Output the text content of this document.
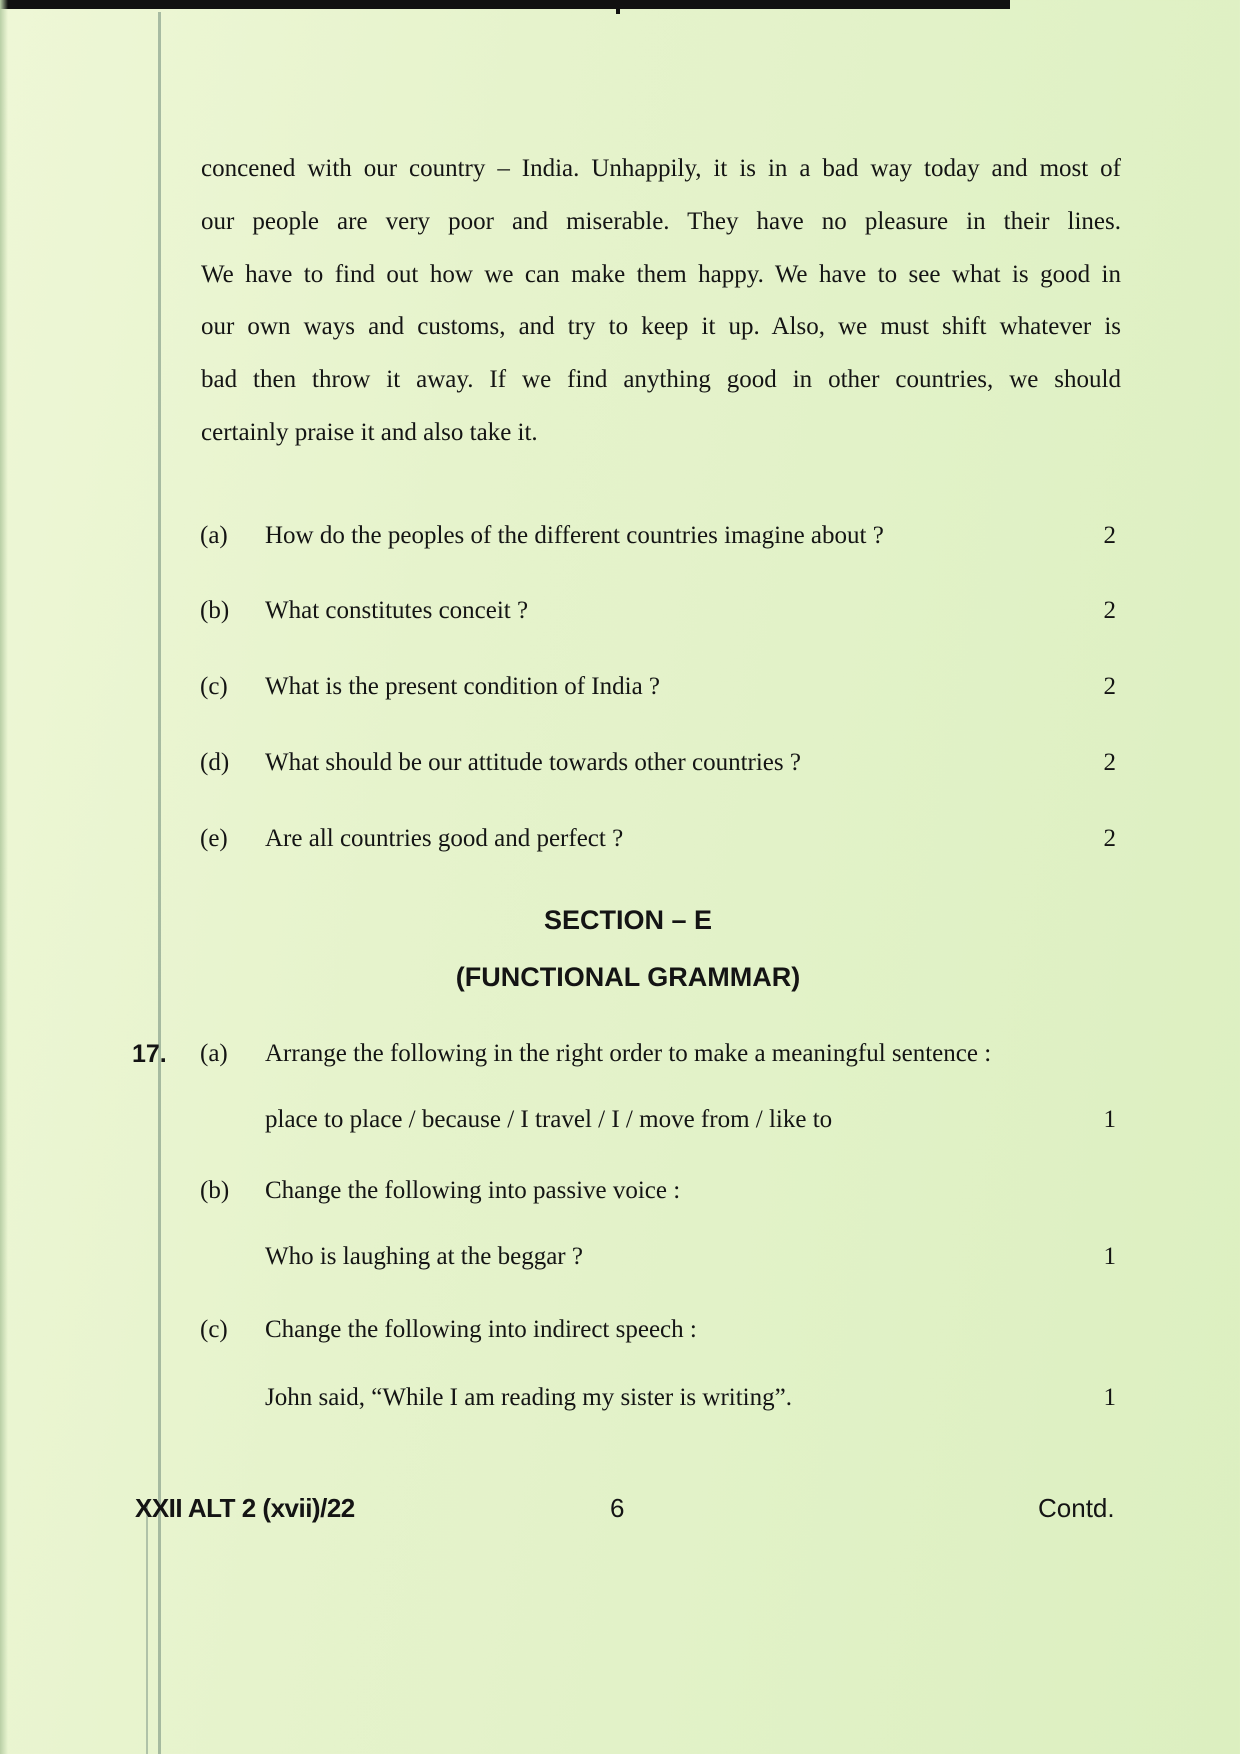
concened with our country – India. Unhappily, it is in a bad way today and most of
our people are very poor and miserable. They have no pleasure in their lines.
We have to find out how we can make them happy. We have to see what is good in
our own ways and customs, and try to keep it up. Also, we must shift whatever is
bad then throw it away. If we find anything good in other countries, we should
certainly praise it and also take it.
(a) How do the peoples of the different countries imagine about ?	2
(b) What constitutes conceit ?	2
(c) What is the present condition of India ?	2
(d) What should be our attitude towards other countries ?	2
(e) Are all countries good and perfect ?	2
SECTION – E
(FUNCTIONAL GRAMMAR)
17. (a) Arrange the following in the right order to make a meaningful sentence :
place to place / because / I travel / I / move from / like to	1
(b) Change the following into passive voice :
Who is laughing at the beggar ?	1
(c) Change the following into indirect speech :
John said, “While I am reading my sister is writing”.	1
XXII ALT 2 (xvii)/22	6	Contd.
